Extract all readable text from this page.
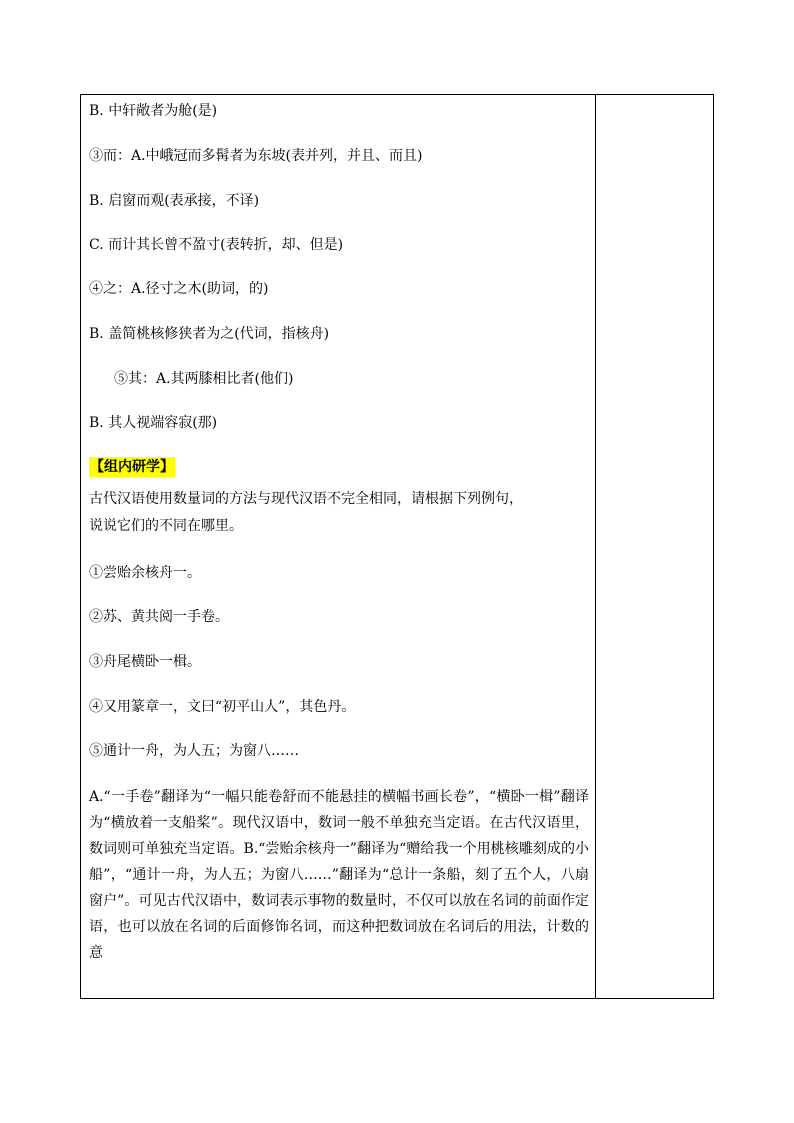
B. 中轩敞者为舱(是)
③而：A.中峨冠而多髯者为东坡(表并列，并且、而且)
B. 启窗而观(表承接，不译)
C. 而计其长曾不盈寸(表转折，却、但是)
④之：A.径寸之木(助词，的)
B. 盖简桃核修狭者为之(代词，指核舟)
⑤其：A.其两膝相比者(他们)
B. 其人视端容寂(那)
【组内研学】
古代汉语使用数量词的方法与现代汉语不完全相同，请根据下列例句，
说说它们的不同在哪里。
①尝贻余核舟一。
②苏、黄共阅一手卷。
③舟尾横卧一楫。
④又用篆章一，文曰“初平山人”，其色丹。
⑤通计一舟，为人五；为窗八……
A.“一手卷”翻译为“一幅只能卷舒而不能悬挂的横幅书画长卷”，“横卧一楫”翻译为“横放着一支船桨”。现代汉语中，数词一般不单独充当定语。在古代汉语里，数词则可单独充当定语。B.“尝贻余核舟一”翻译为“赠给我一个用桃核雕刻成的小船”，“通计一舟，为人五；为窗八……”翻译为“总计一条船，刻了五个人，八扇窗户”。可见古代汉语中，数词表示事物的数量时，不仅可以放在名词的前面作定语，也可以放在名词的后面修饰名词，而这种把数词放在名词后的用法，计数的意
